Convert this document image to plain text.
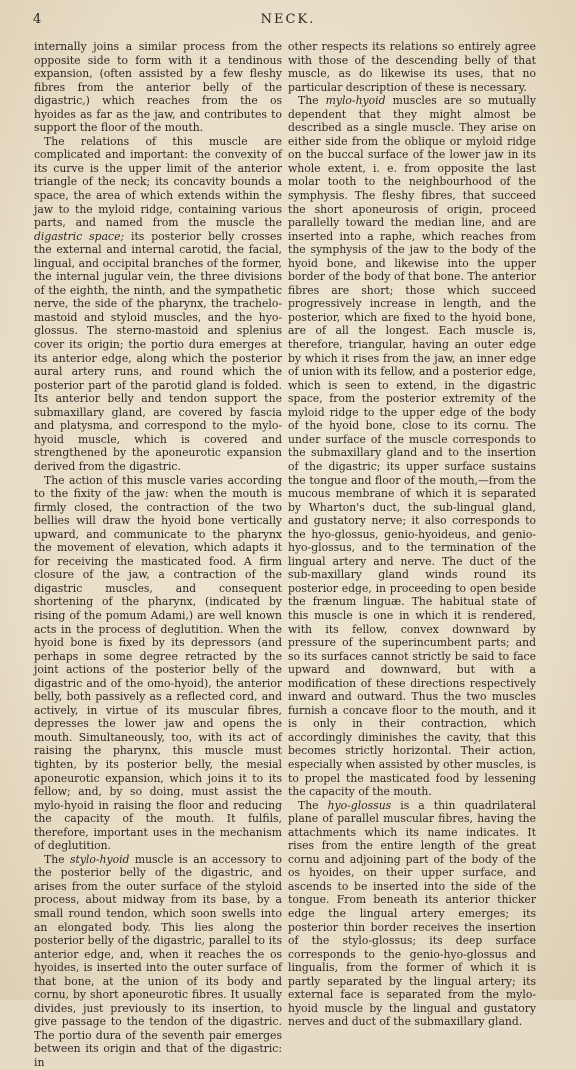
4	NECK.

internally joins a similar process from the opposite side to form with it a tendinous expansion, (often assisted by a few fleshy fibres from the anterior belly of the digastric,) which reaches from the os hyoides as far as the jaw, and contributes to support the floor of the mouth.

The relations of this muscle are complicated and important: the convexity of its curve is the upper limit of the anterior triangle of the neck; its concavity bounds a space, the area of which extends within the jaw to the myloid ridge, containing various parts, and named from the muscle the digastric space; its posterior belly crosses the external and internal carotid, the facial, lingual, and occipital branches of the former, the internal jugular vein, the three divisions of the eighth, the ninth, and the sympathetic nerve, the side of the pharynx, the trachelo-mastoid and styloid muscles, and the hyo-glossus. The sterno-mastoid and splenius cover its origin; the portio dura emerges at its anterior edge, along which the posterior aural artery runs, and round which the posterior part of the parotid gland is folded. Its anterior belly and tendon support the submaxillary gland, are covered by fascia and platysma, and correspond to the mylo-hyoid muscle, which is covered and strengthened by the aponeurotic expansion derived from the digastric.

The action of this muscle varies according to the fixity of the jaw: when the mouth is firmly closed, the contraction of the two bellies will draw the hyoid bone vertically upward, and communicate to the pharynx the movement of elevation, which adapts it for receiving the masticated food. A firm closure of the jaw, a contraction of the digastric muscles, and consequent shortening of the pharynx, (indicated by rising of the pomum Adami,) are well known acts in the process of deglutition. When the hyoid bone is fixed by its depressors (and perhaps in some degree retracted by the joint actions of the posterior belly of the digastric and of the omo-hyoid), the anterior belly, both passively as a reflected cord, and actively, in virtue of its muscular fibres, depresses the lower jaw and opens the mouth. Simultaneously, too, with its act of raising the pharynx, this muscle must tighten, by its posterior belly, the mesial aponeurotic expansion, which joins it to its fellow; and, by so doing, must assist the mylo-hyoid in raising the floor and reducing the capacity of the mouth. It fulfils, therefore, important uses in the mechanism of deglutition.

The stylo-hyoid muscle is an accessory to the posterior belly of the digastric, and arises from the outer surface of the styloid process, about midway from its base, by a small round tendon, which soon swells into an elongated body. This lies along the posterior belly of the digastric, parallel to its anterior edge, and, when it reaches the os hyoides, is inserted into the outer surface of that bone, at the union of its body and cornu, by short aponeurotic fibres. It usually divides, just previously to its insertion, to give passage to the tendon of the digastric. The portio dura of the seventh pair emerges between its origin and that of the digastric: in

other respects its relations so entirely agree with those of the descending belly of that muscle, as do likewise its uses, that no particular description of these is necessary.

The mylo-hyoid muscles are so mutually dependent that they might almost be described as a single muscle. They arise on either side from the oblique or myloid ridge on the buccal surface of the lower jaw in its whole extent, i. e. from opposite the last molar tooth to the neighbourhood of the symphysis. The fleshy fibres, that succeed the short aponeurosis of origin, proceed parallelly toward the median line, and are inserted into a raphe, which reaches from the symphysis of the jaw to the body of the hyoid bone, and likewise into the upper border of the body of that bone. The anterior fibres are short; those which succeed progressively increase in length, and the posterior, which are fixed to the hyoid bone, are of all the longest. Each muscle is, therefore, triangular, having an outer edge by which it rises from the jaw, an inner edge of union with its fellow, and a posterior edge, which is seen to extend, in the digastric space, from the posterior extremity of the myloid ridge to the upper edge of the body of the hyoid bone, close to its cornu. The under surface of the muscle corresponds to the submaxillary gland and to the insertion of the digastric; its upper surface sustains the tongue and floor of the mouth,—from the mucous membrane of which it is separated by Wharton's duct, the sub-lingual gland, and gustatory nerve; it also corresponds to the hyo-glossus, genio-hyoideus, and genio-hyo-glossus, and to the termination of the lingual artery and nerve. The duct of the sub-maxillary gland winds round its posterior edge, in proceeding to open beside the frænum linguæ. The habitual state of this muscle is one in which it is rendered, with its fellow, convex downward by pressure of the superincumbent parts; and so its surfaces cannot strictly be said to face upward and downward, but with a modification of these directions respectively inward and outward. Thus the two muscles furnish a concave floor to the mouth, and it is only in their contraction, which accordingly diminishes the cavity, that this becomes strictly horizontal. Their action, especially when assisted by other muscles, is to propel the masticated food by lessening the capacity of the mouth.

The hyo-glossus is a thin quadrilateral plane of parallel muscular fibres, having the attachments which its name indicates. It rises from the entire length of the great cornu and adjoining part of the body of the os hyoides, on their upper surface, and ascends to be inserted into the side of the tongue. From beneath its anterior thicker edge the lingual artery emerges; its posterior thin border receives the insertion of the stylo-glossus; its deep surface corresponds to the genio-hyo-glossus and lingualis, from the former of which it is partly separated by the lingual artery; its external face is separated from the mylo-hyoid muscle by the lingual and gustatory nerves and duct of the submaxillary gland.
